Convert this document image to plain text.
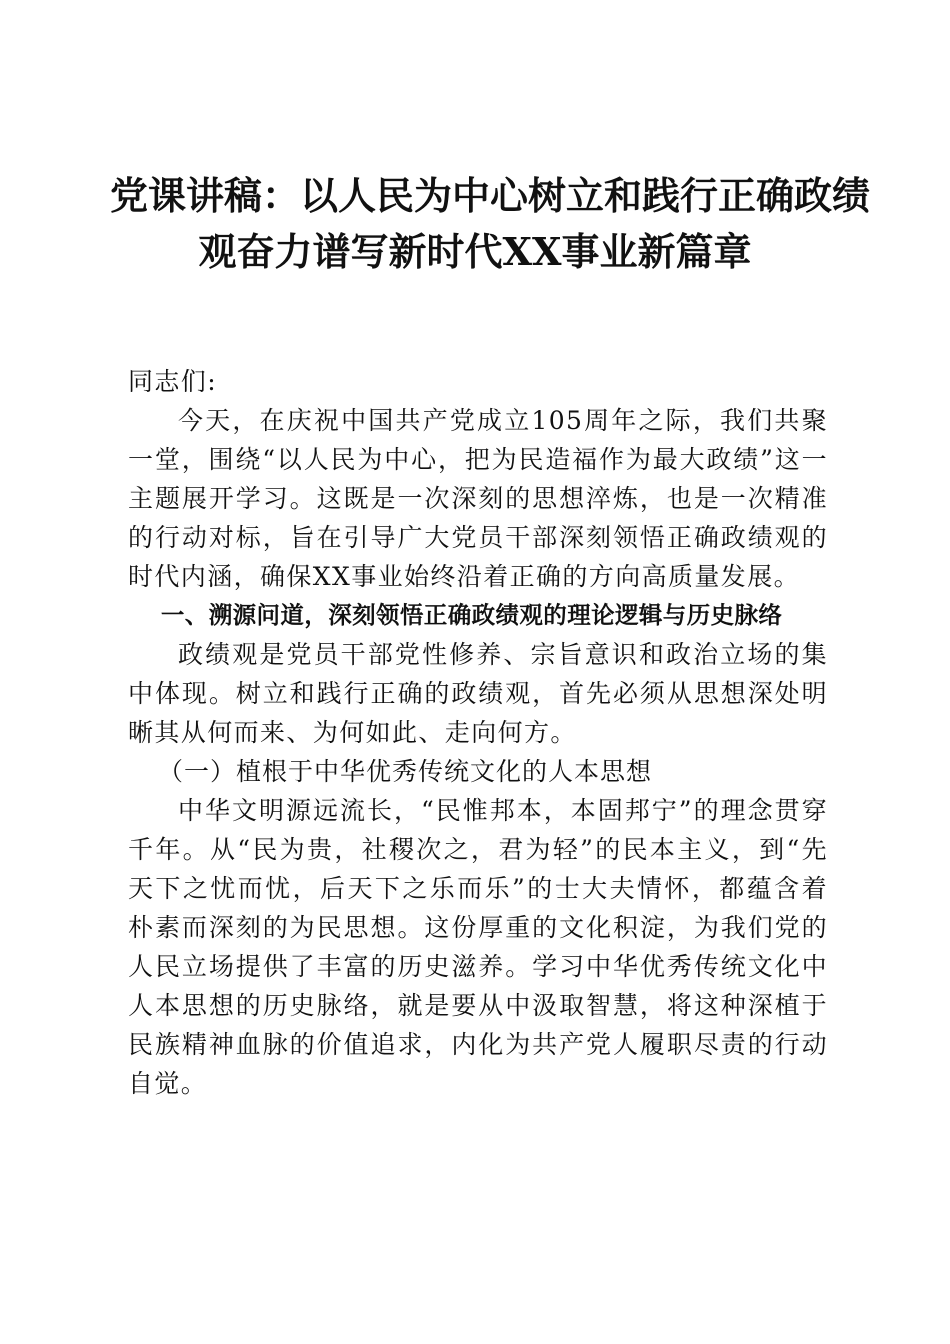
党课讲稿：以人民为中心树立和践行正确政绩
观奋力谱写新时代XX事业新篇章

同志们:

今天，在庆祝中国共产党成立105周年之际，我们共聚一堂，围绕“以人民为中心，把为民造福作为最大政绩”这一主题展开学习。这既是一次深刻的思想淬炼，也是一次精准的行动对标，旨在引导广大党员干部深刻领悟正确政绩观的时代内涵，确保XX事业始终沿着正确的方向高质量发展。

一、溯源问道，深刻领悟正确政绩观的理论逻辑与历史脉络

政绩观是党员干部党性修养、宗旨意识和政治立场的集中体现。树立和践行正确的政绩观，首先必须从思想深处明晰其从何而来、为何如此、走向何方。

（一）植根于中华优秀传统文化的人本思想

中华文明源远流长，“民惟邦本，本固邦宁”的理念贯穿千年。从“民为贵，社稷次之，君为轻”的民本主义，到“先天下之忧而忧，后天下之乐而乐”的士大夫情怀，都蕴含着朴素而深刻的为民思想。这份厚重的文化积淀，为我们党的人民立场提供了丰富的历史滋养。学习中华优秀传统文化中人本思想的历史脉络，就是要从中汲取智慧，将这种深植于民族精神血脉的价值追求，内化为共产党人履职尽责的行动自觉。
